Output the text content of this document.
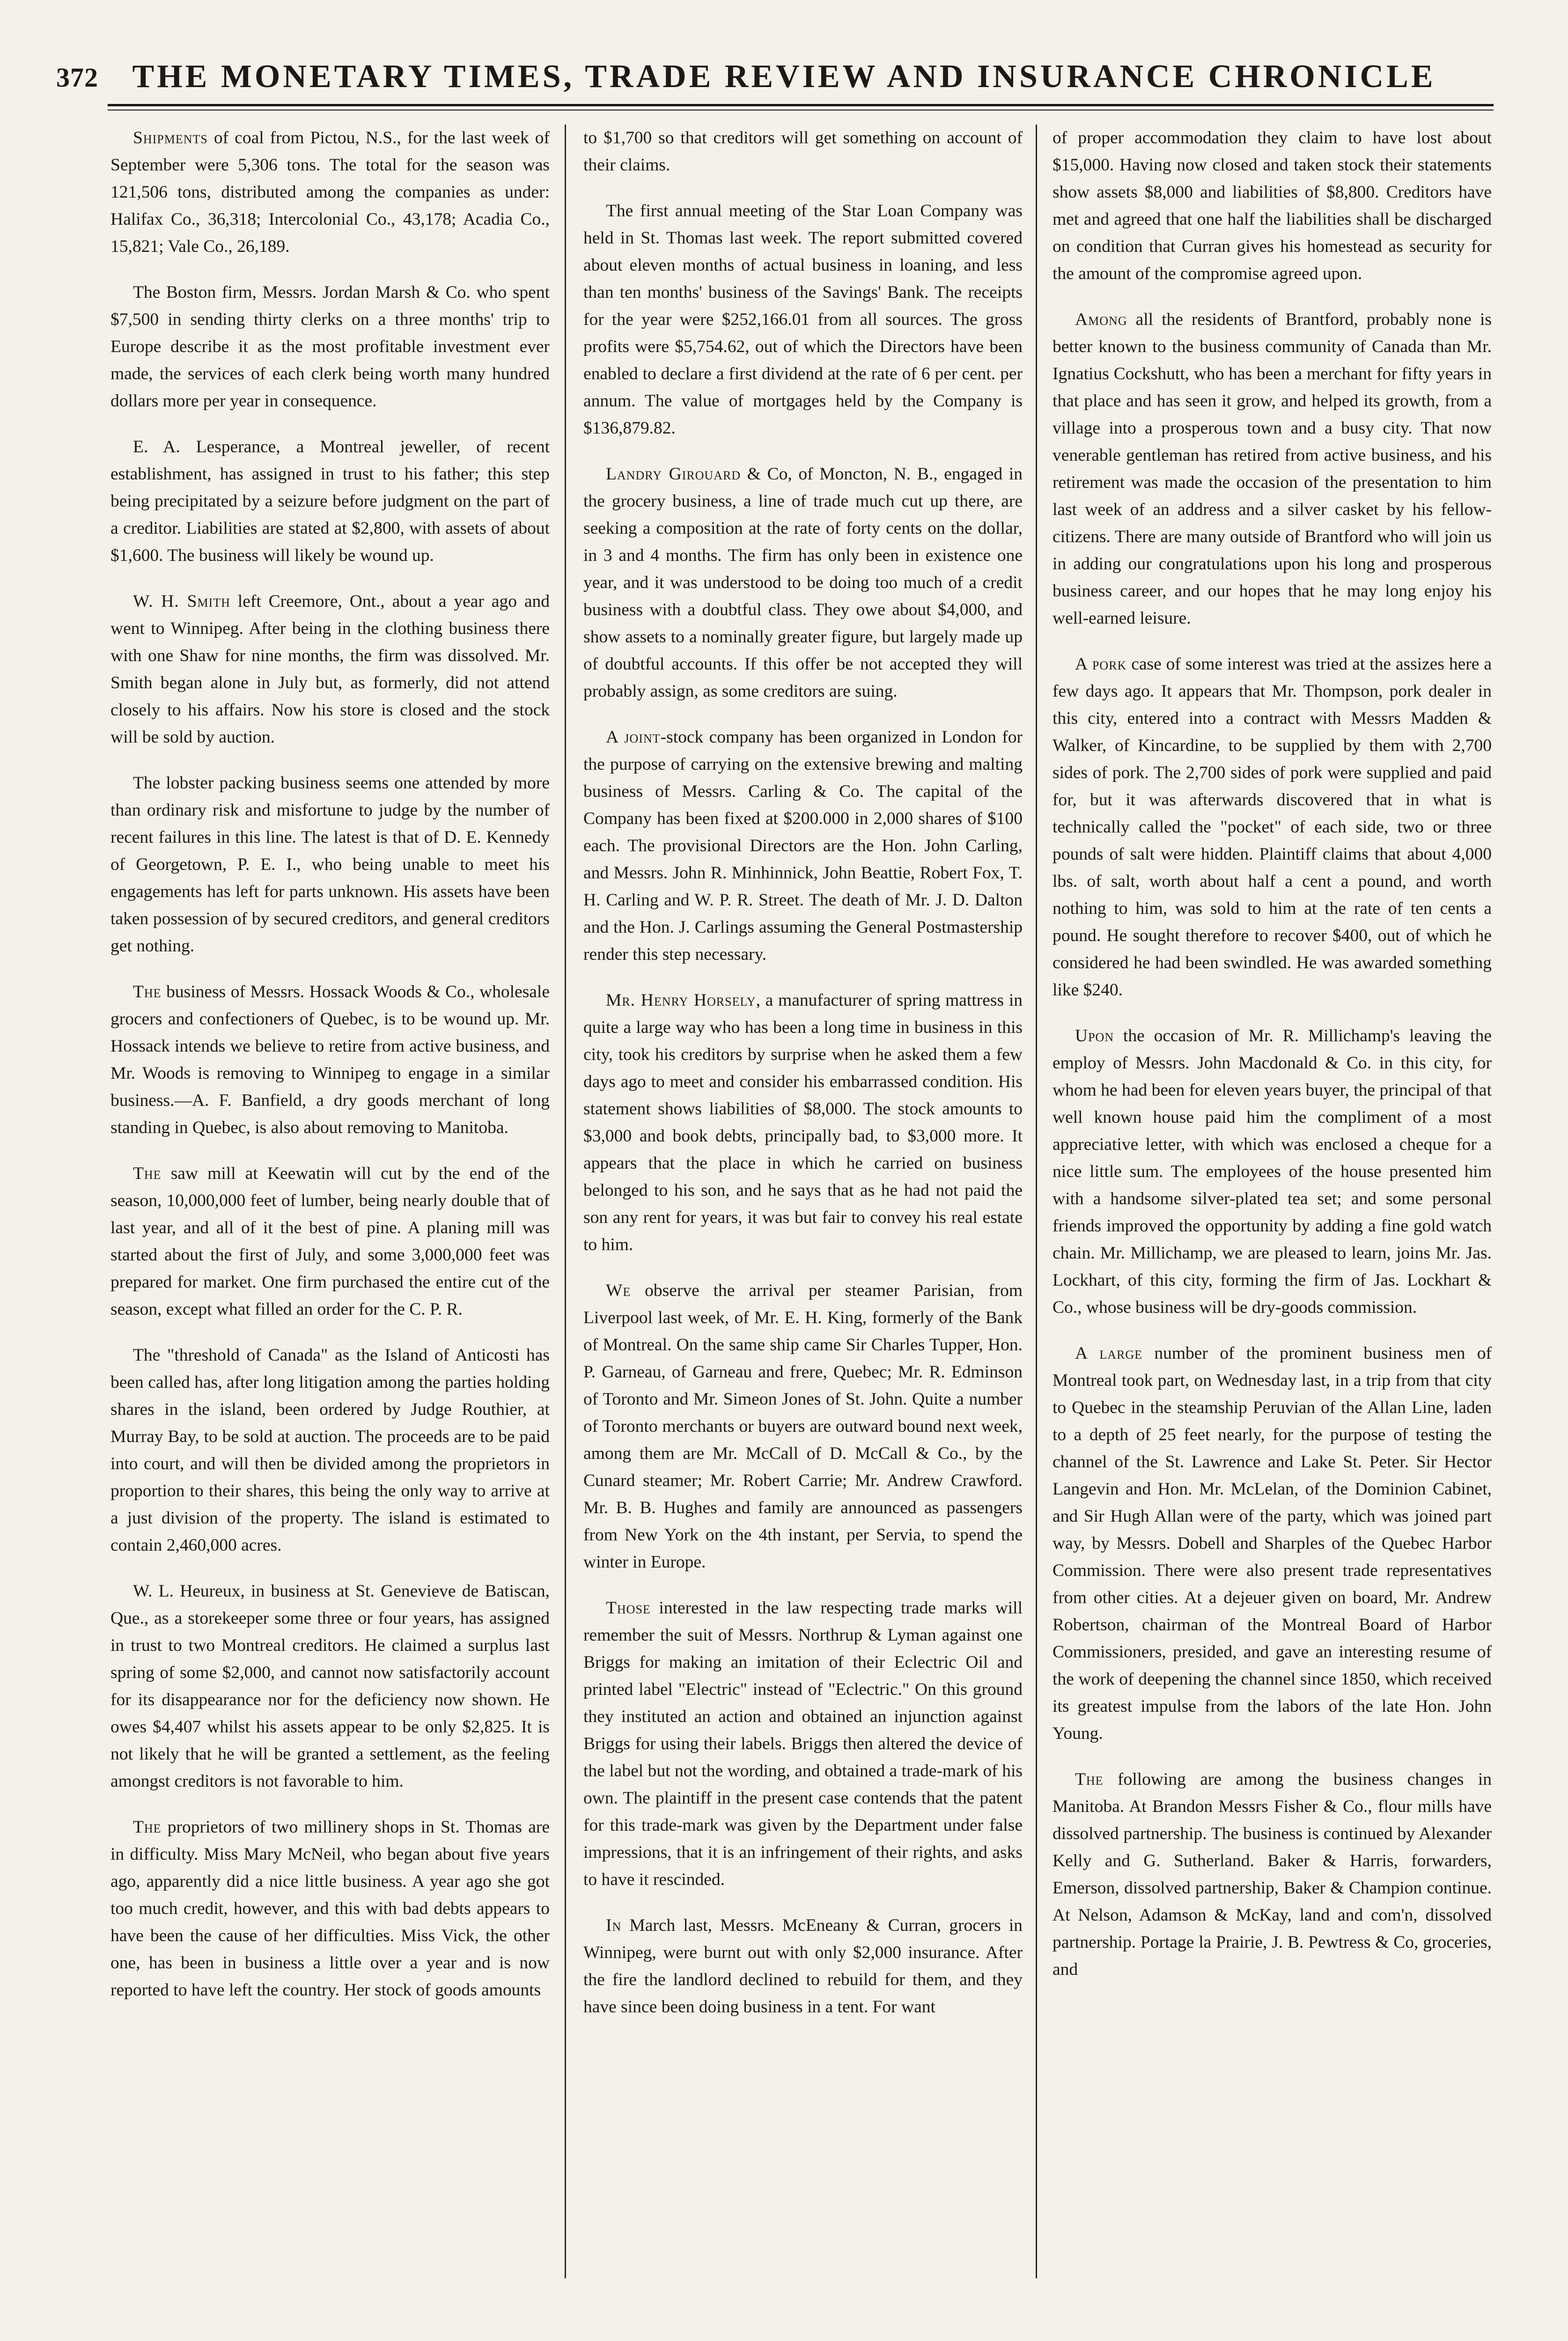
372	THE MONETARY TIMES, TRADE REVIEW AND INSURANCE CHRONICLE

Shipments of coal from Pictou, N.S., for the last week of September were 5,306 tons. The total for the season was 121,506 tons, distributed among the companies as under: Halifax Co., 36,318; Intercolonial Co., 43,178; Acadia Co., 15,821; Vale Co., 26,189.

The Boston firm, Messrs. Jordan Marsh & Co. who spent $7,500 in sending thirty clerks on a three months' trip to Europe describe it as the most profitable investment ever made, the services of each clerk being worth many hundred dollars more per year in consequence.

E. A. Lesperance, a Montreal jeweller, of recent establishment, has assigned in trust to his father; this step being precipitated by a seizure before judgment on the part of a creditor. Liabilities are stated at $2,800, with assets of about $1,600. The business will likely be wound up.

W. H. Smith left Creemore, Ont., about a year ago and went to Winnipeg. After being in the clothing business there with one Shaw for nine months, the firm was dissolved. Mr. Smith began alone in July but, as formerly, did not attend closely to his affairs. Now his store is closed and the stock will be sold by auction.

The lobster packing business seems one attended by more than ordinary risk and misfortune to judge by the number of recent failures in this line. The latest is that of D. E. Kennedy of Georgetown, P. E. I., who being unable to meet his engagements has left for parts unknown. His assets have been taken possession of by secured creditors, and general creditors get nothing.

The business of Messrs. Hossack Woods & Co., wholesale grocers and confectioners of Quebec, is to be wound up. Mr. Hossack intends we believe to retire from active business, and Mr. Woods is removing to Winnipeg to engage in a similar business.—A. F. Banfield, a dry goods merchant of long standing in Quebec, is also about removing to Manitoba.

The saw mill at Keewatin will cut by the end of the season, 10,000,000 feet of lumber, being nearly double that of last year, and all of it the best of pine. A planing mill was started about the first of July, and some 3,000,000 feet was prepared for market. One firm purchased the entire cut of the season, except what filled an order for the C. P. R.

The "threshold of Canada" as the Island of Anticosti has been called has, after long litigation among the parties holding shares in the island, been ordered by Judge Routhier, at Murray Bay, to be sold at auction. The proceeds are to be paid into court, and will then be divided among the proprietors in proportion to their shares, this being the only way to arrive at a just division of the property. The island is estimated to contain 2,460,000 acres.

W. L. Heureux, in business at St. Genevieve de Batiscan, Que., as a storekeeper some three or four years, has assigned in trust to two Montreal creditors. He claimed a surplus last spring of some $2,000, and cannot now satisfactorily account for its disappearance nor for the deficiency now shown. He owes $4,407 whilst his assets appear to be only $2,825. It is not likely that he will be granted a settlement, as the feeling amongst creditors is not favorable to him.

The proprietors of two millinery shops in St. Thomas are in difficulty. Miss Mary McNeil, who began about five years ago, apparently did a nice little business. A year ago she got too much credit, however, and this with bad debts appears to have been the cause of her difficulties. Miss Vick, the other one, has been in business a little over a year and is now reported to have left the country. Her stock of goods amounts

to $1,700 so that creditors will get something on account of their claims.

The first annual meeting of the Star Loan Company was held in St. Thomas last week. The report submitted covered about eleven months of actual business in loaning, and less than ten months' business of the Savings' Bank. The receipts for the year were $252,166.01 from all sources. The gross profits were $5,754.62, out of which the Directors have been enabled to declare a first dividend at the rate of 6 per cent. per annum. The value of mortgages held by the Company is $136,879.82.

Landry Girouard & Co, of Moncton, N. B., engaged in the grocery business, a line of trade much cut up there, are seeking a composition at the rate of forty cents on the dollar, in 3 and 4 months. The firm has only been in existence one year, and it was understood to be doing too much of a credit business with a doubtful class. They owe about $4,000, and show assets to a nominally greater figure, but largely made up of doubtful accounts. If this offer be not accepted they will probably assign, as some creditors are suing.

A joint-stock company has been organized in London for the purpose of carrying on the extensive brewing and malting business of Messrs. Carling & Co. The capital of the Company has been fixed at $200.000 in 2,000 shares of $100 each. The provisional Directors are the Hon. John Carling, and Messrs. John R. Minhinnick, John Beattie, Robert Fox, T. H. Carling and W. P. R. Street. The death of Mr. J. D. Dalton and the Hon. J. Carlings assuming the General Postmastership render this step necessary.

Mr. Henry Horsely, a manufacturer of spring mattress in quite a large way who has been a long time in business in this city, took his creditors by surprise when he asked them a few days ago to meet and consider his embarrassed condition. His statement shows liabilities of $8,000. The stock amounts to $3,000 and book debts, principally bad, to $3,000 more. It appears that the place in which he carried on business belonged to his son, and he says that as he had not paid the son any rent for years, it was but fair to convey his real estate to him.

We observe the arrival per steamer Parisian, from Liverpool last week, of Mr. E. H. King, formerly of the Bank of Montreal. On the same ship came Sir Charles Tupper, Hon. P. Garneau, of Garneau and frere, Quebec; Mr. R. Edminson of Toronto and Mr. Simeon Jones of St. John. Quite a number of Toronto merchants or buyers are outward bound next week, among them are Mr. McCall of D. McCall & Co., by the Cunard steamer; Mr. Robert Carrie; Mr. Andrew Crawford. Mr. B. B. Hughes and family are announced as passengers from New York on the 4th instant, per Servia, to spend the winter in Europe.

Those interested in the law respecting trade marks will remember the suit of Messrs. Northrup & Lyman against one Briggs for making an imitation of their Eclectric Oil and printed label "Electric" instead of "Eclectric." On this ground they instituted an action and obtained an injunction against Briggs for using their labels. Briggs then altered the device of the label but not the wording, and obtained a trade-mark of his own. The plaintiff in the present case contends that the patent for this trade-mark was given by the Department under false impressions, that it is an infringement of their rights, and asks to have it rescinded.

In March last, Messrs. McEneany & Curran, grocers in Winnipeg, were burnt out with only $2,000 insurance. After the fire the landlord declined to rebuild for them, and they have since been doing business in a tent. For want

of proper accommodation they claim to have lost about $15,000. Having now closed and taken stock their statements show assets $8,000 and liabilities of $8,800. Creditors have met and agreed that one half the liabilities shall be discharged on condition that Curran gives his homestead as security for the amount of the compromise agreed upon.

Among all the residents of Brantford, probably none is better known to the business community of Canada than Mr. Ignatius Cockshutt, who has been a merchant for fifty years in that place and has seen it grow, and helped its growth, from a village into a prosperous town and a busy city. That now venerable gentleman has retired from active business, and his retirement was made the occasion of the presentation to him last week of an address and a silver casket by his fellow-citizens. There are many outside of Brantford who will join us in adding our congratulations upon his long and prosperous business career, and our hopes that he may long enjoy his well-earned leisure.

A pork case of some interest was tried at the assizes here a few days ago. It appears that Mr. Thompson, pork dealer in this city, entered into a contract with Messrs Madden & Walker, of Kincardine, to be supplied by them with 2,700 sides of pork. The 2,700 sides of pork were supplied and paid for, but it was afterwards discovered that in what is technically called the "pocket" of each side, two or three pounds of salt were hidden. Plaintiff claims that about 4,000 lbs. of salt, worth about half a cent a pound, and worth nothing to him, was sold to him at the rate of ten cents a pound. He sought therefore to recover $400, out of which he considered he had been swindled. He was awarded something like $240.

Upon the occasion of Mr. R. Millichamp's leaving the employ of Messrs. John Macdonald & Co. in this city, for whom he had been for eleven years buyer, the principal of that well known house paid him the compliment of a most appreciative letter, with which was enclosed a cheque for a nice little sum. The employees of the house presented him with a handsome silver-plated tea set; and some personal friends improved the opportunity by adding a fine gold watch chain. Mr. Millichamp, we are pleased to learn, joins Mr. Jas. Lockhart, of this city, forming the firm of Jas. Lockhart & Co., whose business will be dry-goods commission.

A large number of the prominent business men of Montreal took part, on Wednesday last, in a trip from that city to Quebec in the steamship Peruvian of the Allan Line, laden to a depth of 25 feet nearly, for the purpose of testing the channel of the St. Lawrence and Lake St. Peter. Sir Hector Langevin and Hon. Mr. McLelan, of the Dominion Cabinet, and Sir Hugh Allan were of the party, which was joined part way, by Messrs. Dobell and Sharples of the Quebec Harbor Commission. There were also present trade representatives from other cities. At a dejeuer given on board, Mr. Andrew Robertson, chairman of the Montreal Board of Harbor Commissioners, presided, and gave an interesting resume of the work of deepening the channel since 1850, which received its greatest impulse from the labors of the late Hon. John Young.

The following are among the business changes in Manitoba. At Brandon Messrs Fisher & Co., flour mills have dissolved partnership. The business is continued by Alexander Kelly and G. Sutherland. Baker & Harris, forwarders, Emerson, dissolved partnership, Baker & Champion continue. At Nelson, Adamson & McKay, land and com'n, dissolved partnership. Portage la Prairie, J. B. Pewtress & Co, groceries, and
